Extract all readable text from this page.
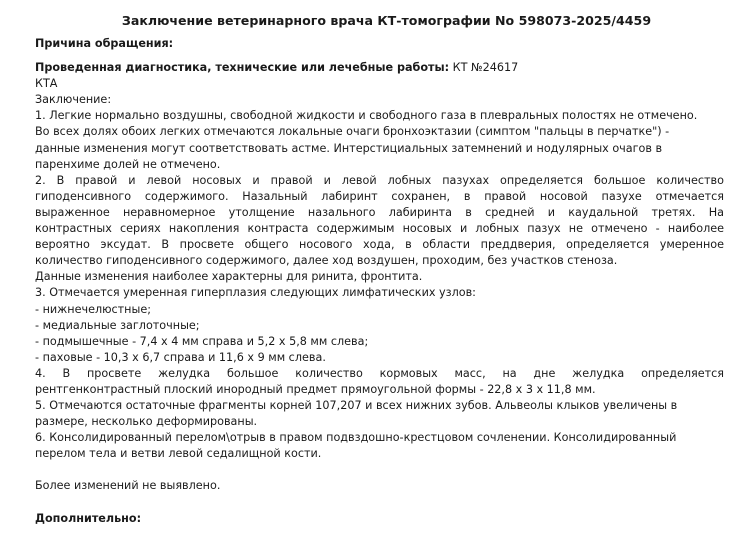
Заключение ветеринарного врача КТ-томографии No 598073-2025/4459
Причина обращения:
Проведенная диагностика, технические или лечебные работы: КТ №24617
КТА
Заключение:
1. Легкие нормально воздушны, свободной жидкости и свободного газа в плевральных полостях не отмечено.
Во всех долях обоих легких отмечаются локальные очаги бронхоэктазии (симптом "пальцы в перчатке") -
данные изменения могут соответствовать астме. Интерстициальных затемнений и нодулярных очагов в
паренхиме долей не отмечено.
2. В правой и левой носовых и правой и левой лобных пазухах определяется большое количество
гиподенсивного содержимого. Назальный лабиринт сохранен, в правой носовой пазухе отмечается
выраженное неравномерное утолщение назального лабиринта в средней и каудальной третях. На
контрастных сериях накопления контраста содержимым носовых и лобных пазух не отмечено - наиболее
вероятно эксудат. В просвете общего носового хода, в области преддверия, определяется умеренное
количество гиподенсивного содержимого, далее ход воздушен, проходим, без участков стеноза.
Данные изменения наиболее характерны для ринита, фронтита.
3. Отмечается умеренная гиперплазия следующих лимфатических узлов:
- нижнечелюстные;
- медиальные заглоточные;
- подмышечные - 7,4 х 4 мм справа и 5,2 х 5,8 мм слева;
- паховые - 10,3 х 6,7 справа и 11,6 х 9 мм слева.
4. В просвете желудка большое количество кормовых масс, на дне желудка определяется
рентгенконтрастный плоский инородный предмет прямоугольной формы - 22,8 х 3 х 11,8 мм.
5. Отмечаются остаточные фрагменты корней 107,207 и всех нижних зубов. Альвеолы клыков увеличены в
размере, несколько деформированы.
6. Консолидированный перелом\отрыв в правом подвздошно-крестцовом сочленении. Консолидированный
перелом тела и ветви левой седалищной кости.
Более изменений не выявлено.
Дополнительно:
